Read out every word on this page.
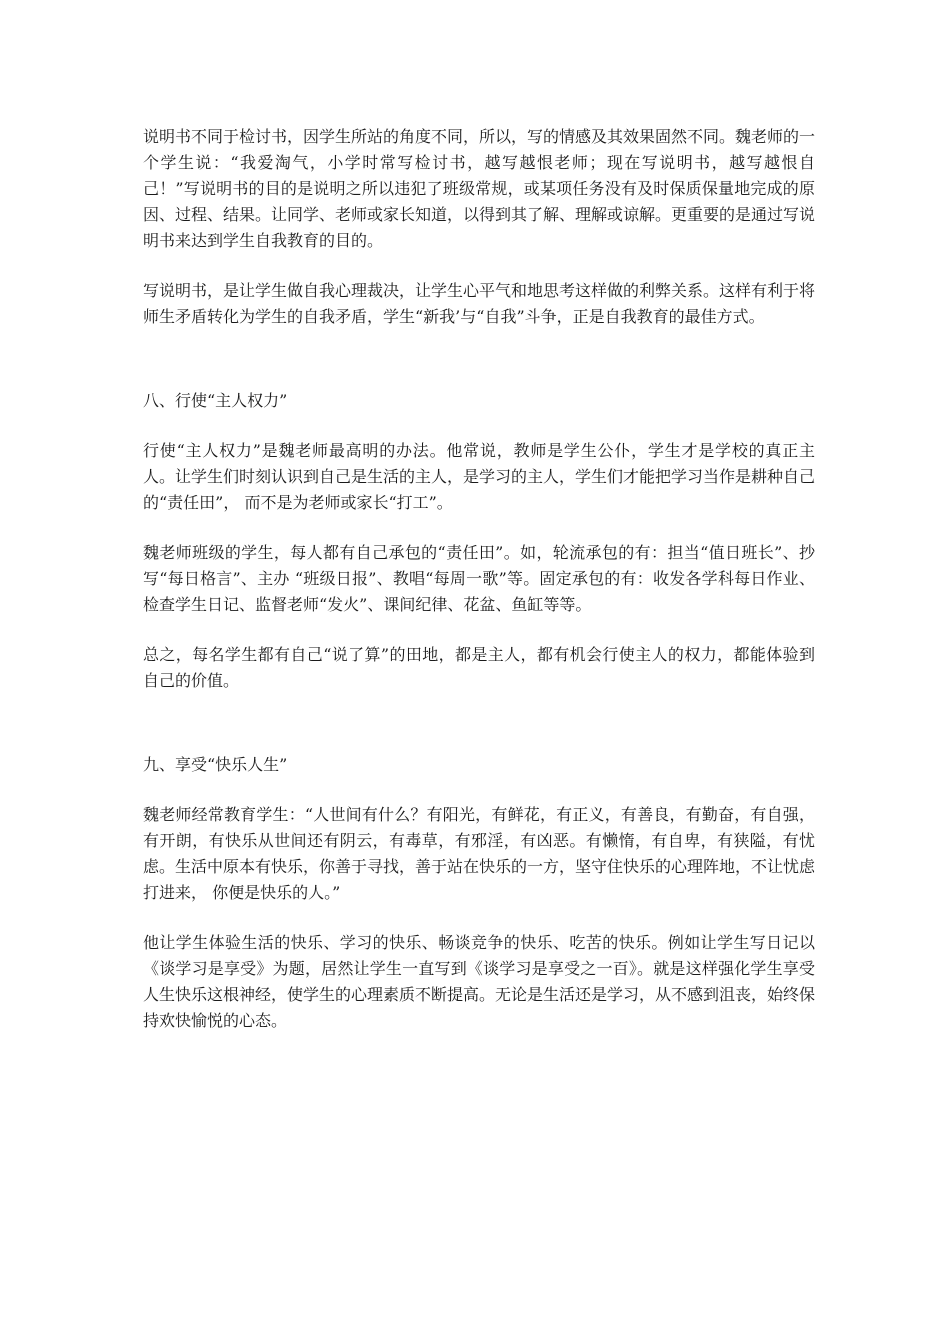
说明书不同于检讨书，因学生所站的角度不同，所以，写的情感及其效果固然不同。魏老师的一个学生说：“我爱淘气，小学时常写检讨书，越写越恨老师；现在写说明书，越写越恨自己！”写说明书的目的是说明之所以违犯了班级常规，或某项任务没有及时保质保量地完成的原因、过程、结果。让同学、老师或家长知道，以得到其了解、理解或谅解。更重要的是通过写说明书来达到学生自我教育的目的。

写说明书，是让学生做自我心理裁决，让学生心平气和地思考这样做的利弊关系。这样有利于将师生矛盾转化为学生的自我矛盾，学生“新我’与“自我”斗争，正是自我教育的最佳方式。

八、行使“主人权力”

行使“主人权力”是魏老师最高明的办法。他常说，教师是学生公仆，学生才是学校的真正主人。让学生们时刻认识到自己是生活的主人，是学习的主人，学生们才能把学习当作是耕种自己的“责任田”， 而不是为老师或家长“打工”。

魏老师班级的学生，每人都有自己承包的“责任田”。如，轮流承包的有：担当“值日班长”、抄写“每日格言”、主办 “班级日报”、教唱“每周一歌”等。固定承包的有：收发各学科每日作业、检查学生日记、监督老师“发火”、课间纪律、花盆、鱼缸等等。

总之，每名学生都有自己“说了算”的田地，都是主人，都有机会行使主人的权力，都能体验到自己的价值。

九、享受“快乐人生”

魏老师经常教育学生：“人世间有什么？有阳光，有鲜花，有正义，有善良，有勤奋，有自强，有开朗，有快乐从世间还有阴云，有毒草，有邪淫，有凶恶。有懒惰，有自卑，有狭隘，有忧虑。生活中原本有快乐，你善于寻找，善于站在快乐的一方，坚守住快乐的心理阵地，不让忧虑打进来， 你便是快乐的人。”

他让学生体验生活的快乐、学习的快乐、畅谈竞争的快乐、吃苦的快乐。例如让学生写日记以《谈学习是享受》为题，居然让学生一直写到《谈学习是享受之一百》。就是这样强化学生享受人生快乐这根神经，使学生的心理素质不断提高。无论是生活还是学习，从不感到沮丧，始终保持欢快愉悦的心态。
